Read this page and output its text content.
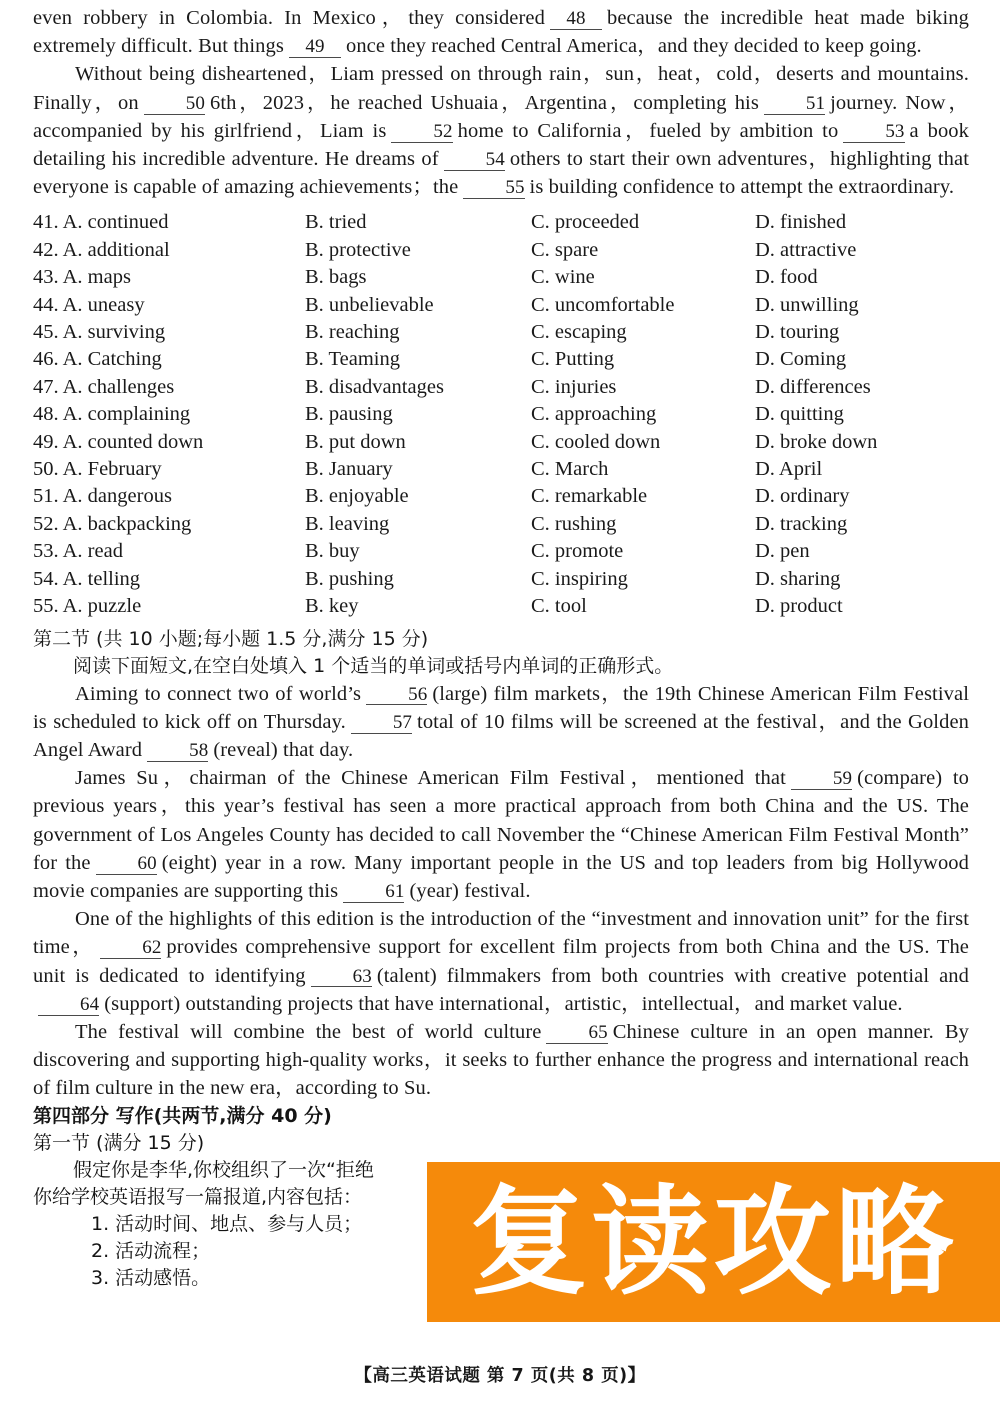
even robbery in Colombia. In Mexico，they considered 48 because the incredible heat made biking extremely difficult. But things 49 once they reached Central America，and they decided to keep going.

Without being disheartened，Liam pressed on through rain，sun，heat，cold，deserts and mountains. Finally，on 50 6th，2023，he reached Ushuaia，Argentina，completing his 51 journey. Now，accompanied by his girlfriend，Liam is 52 home to California，fueled by ambition to 53 a book detailing his incredible adventure. He dreams of 54 others to start their own adventures，highlighting that everyone is capable of amazing achievements；the 55 is building confidence to attempt the extraordinary.

41. A. continued	B. tried	C. proceeded	D. finished
42. A. additional	B. protective	C. spare	D. attractive
43. A. maps	B. bags	C. wine	D. food
44. A. uneasy	B. unbelievable	C. uncomfortable	D. unwilling
45. A. surviving	B. reaching	C. escaping	D. touring
46. A. Catching	B. Teaming	C. Putting	D. Coming
47. A. challenges	B. disadvantages	C. injuries	D. differences
48. A. complaining	B. pausing	C. approaching	D. quitting
49. A. counted down	B. put down	C. cooled down	D. broke down
50. A. February	B. January	C. March	D. April
51. A. dangerous	B. enjoyable	C. remarkable	D. ordinary
52. A. backpacking	B. leaving	C. rushing	D. tracking
53. A. read	B. buy	C. promote	D. pen
54. A. telling	B. pushing	C. inspiring	D. sharing
55. A. puzzle	B. key	C. tool	D. product
第二节 (共 10 小题;每小题 1.5 分,满分 15 分)
阅读下面短文,在空白处填入 1 个适当的单词或括号内单词的正确形式。

Aiming to connect two of world’s 56 (large) film markets，the 19th Chinese American Film Festival is scheduled to kick off on Thursday. 57 total of 10 films will be screened at the festival，and the Golden Angel Award 58 (reveal) that day.

James Su，chairman of the Chinese American Film Festival，mentioned that 59 (compare) to previous years，this year’s festival has seen a more practical approach from both China and the US. The government of Los Angeles County has decided to call November the “Chinese American Film Festival Month” for the 60 (eight) year in a row. Many important people in the US and top leaders from big Hollywood movie companies are supporting this 61 (year) festival.

One of the highlights of this edition is the introduction of the “investment and innovation unit” for the first time， 62 provides comprehensive support for excellent film projects from both China and the US. The unit is dedicated to identifying 63 (talent) filmmakers from both countries with creative potential and64 (support) outstanding projects that have international，artistic，intellectual，and market value.

The festival will combine the best of world culture 65 Chinese culture in an open manner. By discovering and supporting high-quality works，it seeks to further enhance the progress and international reach of film culture in the new era，according to Su.

第四部分 写作(共两节,满分 40 分)
第一节 (满分 15 分)
假定你是李华,你校组织了一次“拒绝
你给学校英语报写一篇报道,内容包括：
1. 活动时间、地点、参与人员；
2. 活动流程；
3. 活动感悟。	复读攻略
【高三英语试题 第 7 页(共 8 页)】
